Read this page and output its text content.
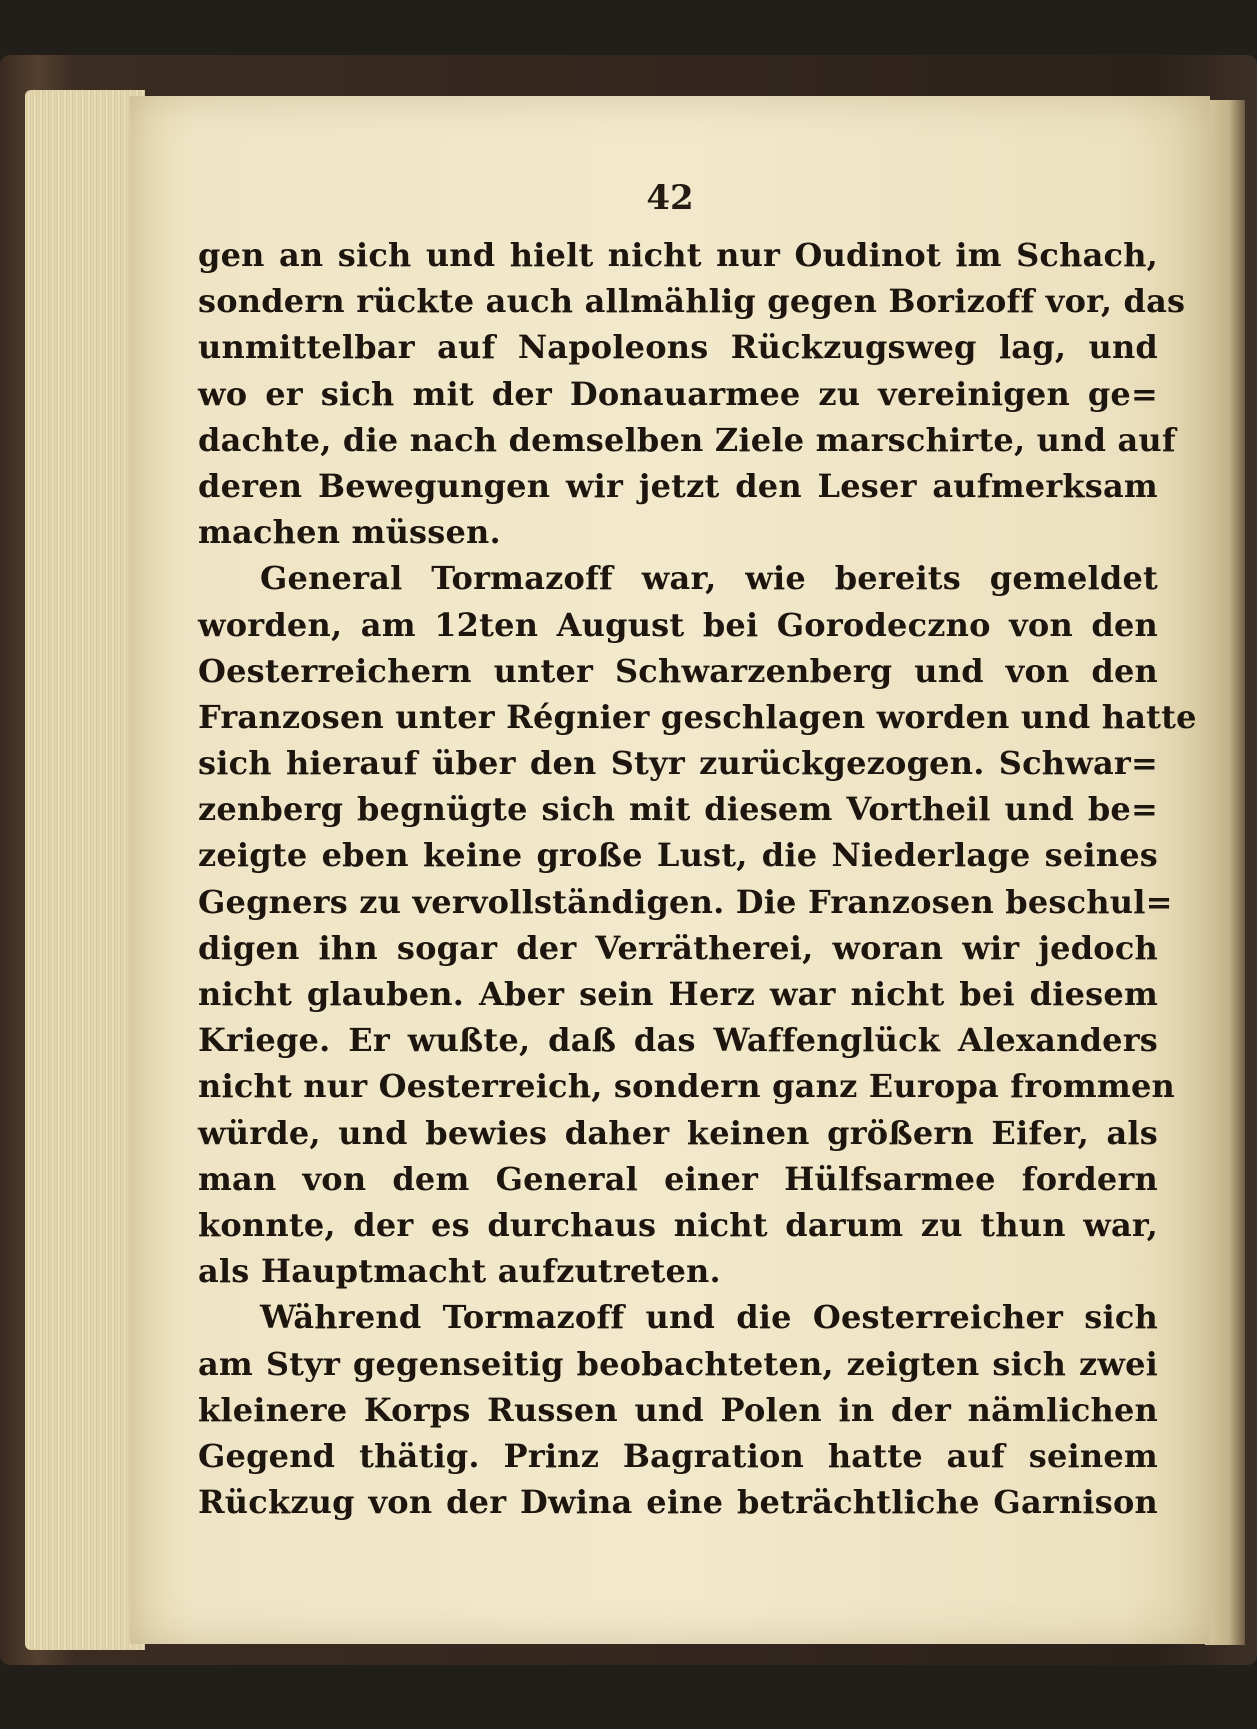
42
gen an sich und hielt nicht nur Oudinot im Schach,
sondern rückte auch allmählig gegen Borizoff vor, das
unmittelbar auf Napoleons Rückzugsweg lag, und
wo er sich mit der Donauarmee zu vereinigen ge=
dachte, die nach demselben Ziele marschirte, und auf
deren Bewegungen wir jetzt den Leser aufmerksam
machen müssen.
General Tormazoff war, wie bereits gemeldet
worden, am 12ten August bei Gorodeczno von den
Oesterreichern unter Schwarzenberg und von den
Franzosen unter Régnier geschlagen worden und hatte
sich hierauf über den Styr zurückgezogen. Schwar=
zenberg begnügte sich mit diesem Vortheil und be=
zeigte eben keine große Lust, die Niederlage seines
Gegners zu vervollständigen. Die Franzosen beschul=
digen ihn sogar der Verrätherei, woran wir jedoch
nicht glauben. Aber sein Herz war nicht bei diesem
Kriege. Er wußte, daß das Waffenglück Alexanders
nicht nur Oesterreich, sondern ganz Europa frommen
würde, und bewies daher keinen größern Eifer, als
man von dem General einer Hülfsarmee fordern
konnte, der es durchaus nicht darum zu thun war,
als Hauptmacht aufzutreten.
Während Tormazoff und die Oesterreicher sich
am Styr gegenseitig beobachteten, zeigten sich zwei
kleinere Korps Russen und Polen in der nämlichen
Gegend thätig. Prinz Bagration hatte auf seinem
Rückzug von der Dwina eine beträchtliche Garnison
